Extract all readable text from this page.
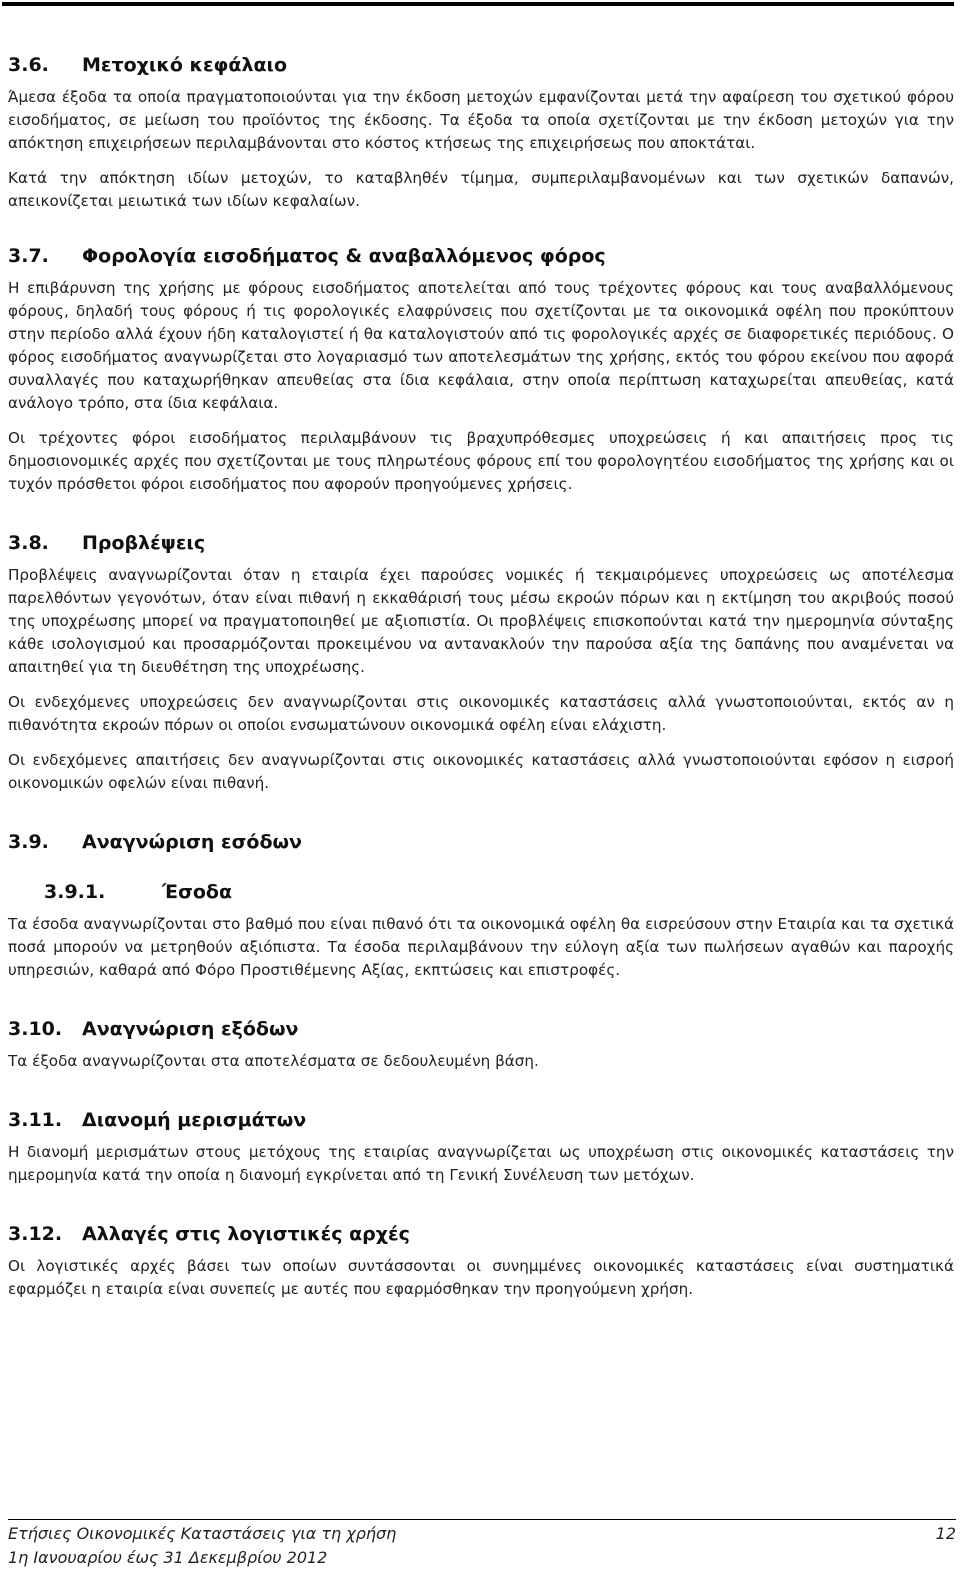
3.6.	Μετοχικό κεφάλαιο

Άμεσα έξοδα τα οποία πραγματοποιούνται για την έκδοση μετοχών εμφανίζονται μετά την αφαίρεση του σχετικού φόρου εισοδήματος, σε μείωση του προϊόντος της έκδοσης. Τα έξοδα τα οποία σχετίζονται με την έκδοση μετοχών για την απόκτηση επιχειρήσεων περιλαμβάνονται στο κόστος κτήσεως της επιχειρήσεως που αποκτάται.

Κατά την απόκτηση ιδίων μετοχών, το καταβληθέν τίμημα, συμπεριλαμβανομένων και των σχετικών δαπανών, απεικονίζεται μειωτικά των ιδίων κεφαλαίων.

3.7.	Φορολογία εισοδήματος & αναβαλλόμενος φόρος

Η επιβάρυνση της χρήσης με φόρους εισοδήματος αποτελείται από τους τρέχοντες φόρους και τους αναβαλλόμενους φόρους, δηλαδή τους φόρους ή τις φορολογικές ελαφρύνσεις που σχετίζονται με τα οικονομικά οφέλη που προκύπτουν στην περίοδο αλλά έχουν ήδη καταλογιστεί ή θα καταλογιστούν από τις φορολογικές αρχές σε διαφορετικές περιόδους. Ο φόρος εισοδήματος αναγνωρίζεται στο λογαριασμό των αποτελεσμάτων της χρήσης, εκτός του φόρου εκείνου που αφορά συναλλαγές που καταχωρήθηκαν απευθείας στα ίδια κεφάλαια, στην οποία περίπτωση καταχωρείται απευθείας, κατά ανάλογο τρόπο, στα ίδια κεφάλαια.

Οι τρέχοντες φόροι εισοδήματος περιλαμβάνουν τις βραχυπρόθεσμες υποχρεώσεις ή και απαιτήσεις προς τις δημοσιονομικές αρχές που σχετίζονται με τους πληρωτέους φόρους επί του φορολογητέου εισοδήματος της χρήσης και οι τυχόν πρόσθετοι φόροι εισοδήματος που αφορούν προηγούμενες χρήσεις.

3.8.	Προβλέψεις

Προβλέψεις αναγνωρίζονται όταν η εταιρία έχει παρούσες νομικές ή τεκμαιρόμενες υποχρεώσεις ως αποτέλεσμα παρελθόντων γεγονότων, όταν είναι πιθανή η εκκαθάρισή τους μέσω εκροών πόρων και η εκτίμηση του ακριβούς ποσού της υποχρέωσης μπορεί να πραγματοποιηθεί με αξιοπιστία. Οι προβλέψεις επισκοπούνται κατά την ημερομηνία σύνταξης κάθε ισολογισμού και προσαρμόζονται προκειμένου να αντανακλούν την παρούσα αξία της δαπάνης που αναμένεται να απαιτηθεί για τη διευθέτηση της υποχρέωσης.

Οι ενδεχόμενες υποχρεώσεις δεν αναγνωρίζονται στις οικονομικές καταστάσεις αλλά γνωστοποιούνται, εκτός αν η πιθανότητα εκροών πόρων οι οποίοι ενσωματώνουν οικονομικά οφέλη είναι ελάχιστη.

Οι ενδεχόμενες απαιτήσεις δεν αναγνωρίζονται στις οικονομικές καταστάσεις αλλά γνωστοποιούνται εφόσον η εισροή οικονομικών οφελών είναι πιθανή.

3.9.	Αναγνώριση εσόδων
3.9.1.	Έσοδα

Τα έσοδα αναγνωρίζονται στο βαθμό που είναι πιθανό ότι τα οικονομικά οφέλη θα εισρεύσουν στην Εταιρία και τα σχετικά ποσά μπορούν να μετρηθούν αξιόπιστα. Τα έσοδα περιλαμβάνουν την εύλογη αξία των πωλήσεων αγαθών και παροχής υπηρεσιών, καθαρά από Φόρο Προστιθέμενης Αξίας, εκπτώσεις και επιστροφές.

3.10.	Αναγνώριση εξόδων

Τα έξοδα αναγνωρίζονται στα αποτελέσματα σε δεδουλευμένη βάση.

3.11.	Διανομή μερισμάτων

Η διανομή μερισμάτων στους μετόχους της εταιρίας αναγνωρίζεται ως υποχρέωση στις οικονομικές καταστάσεις την ημερομηνία κατά την οποία η διανομή εγκρίνεται από τη Γενική Συνέλευση των μετόχων.

3.12.	Αλλαγές στις λογιστικές αρχές

Οι λογιστικές αρχές βάσει των οποίων συντάσσονται οι συνημμένες οικονομικές καταστάσεις είναι συστηματικά εφαρμόζει η εταιρία είναι συνεπείς με αυτές που εφαρμόσθηκαν την προηγούμενη χρήση.

Ετήσιες Οικονομικές Καταστάσεις για τη χρήση	12
1η Ιανουαρίου έως 31 Δεκεμβρίου 2012
